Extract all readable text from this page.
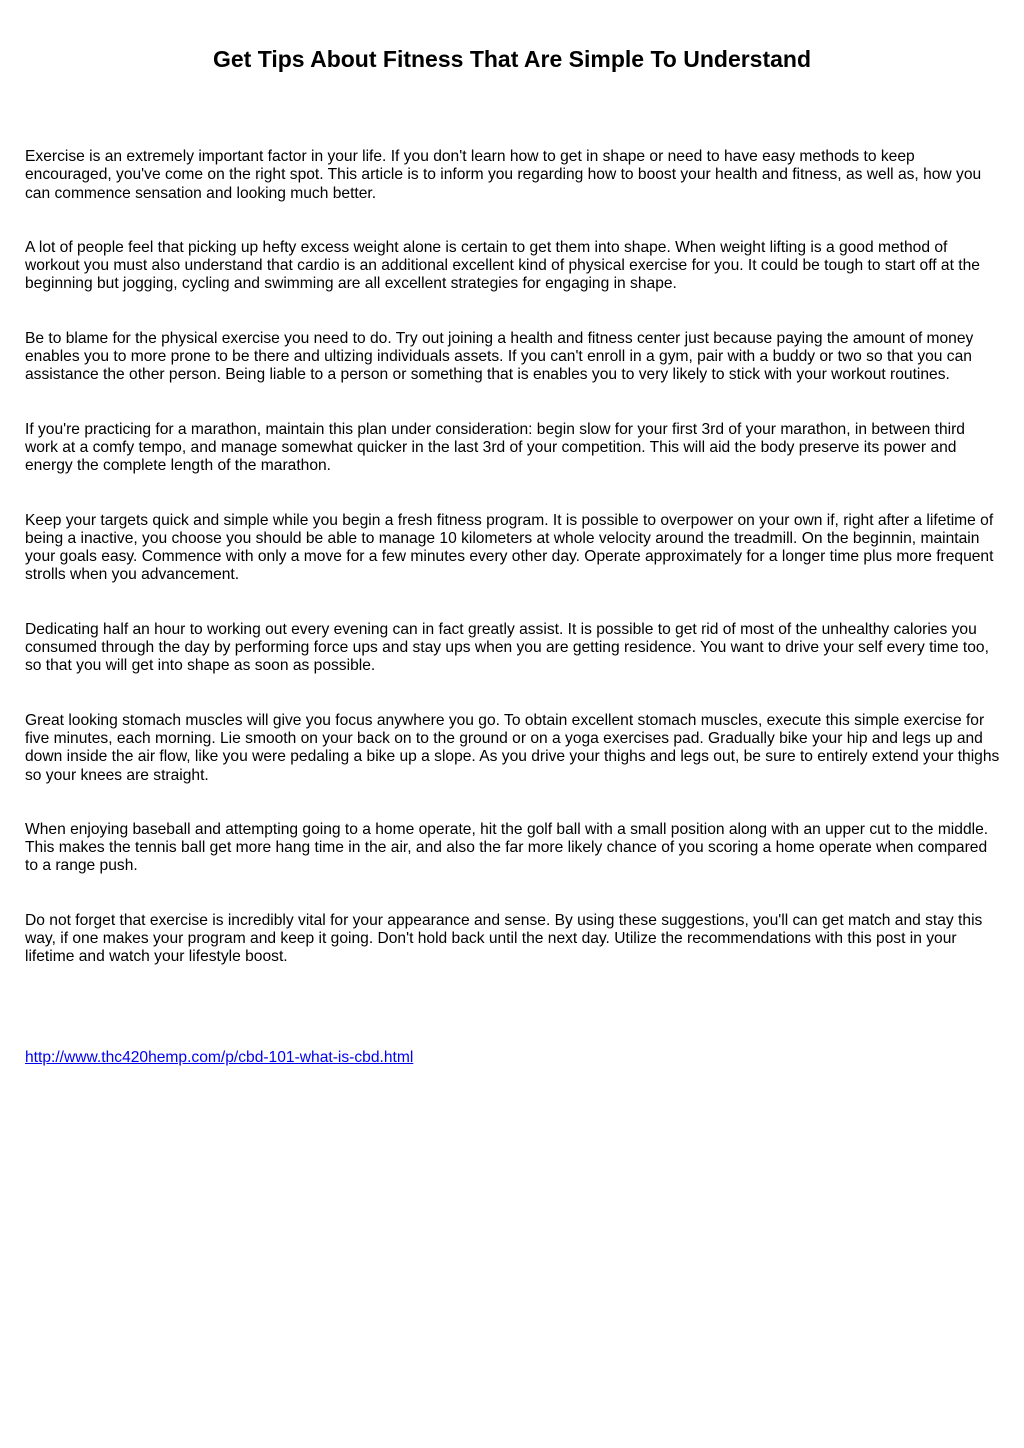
Get Tips About Fitness That Are Simple To Understand

Exercise is an extremely important factor in your life. If you don't learn how to get in shape or need to have easy methods to keep encouraged, you've come on the right spot. This article is to inform you regarding how to boost your health and fitness, as well as, how you can commence sensation and looking much better.

A lot of people feel that picking up hefty excess weight alone is certain to get them into shape. When weight lifting is a good method of workout you must also understand that cardio is an additional excellent kind of physical exercise for you. It could be tough to start off at the beginning but jogging, cycling and swimming are all excellent strategies for engaging in shape.

Be to blame for the physical exercise you need to do. Try out joining a health and fitness center just because paying the amount of money enables you to more prone to be there and ultizing individuals assets. If you can't enroll in a gym, pair with a buddy or two so that you can assistance the other person. Being liable to a person or something that is enables you to very likely to stick with your workout routines.

If you're practicing for a marathon, maintain this plan under consideration: begin slow for your first 3rd of your marathon, in between third work at a comfy tempo, and manage somewhat quicker in the last 3rd of your competition. This will aid the body preserve its power and energy the complete length of the marathon.

Keep your targets quick and simple while you begin a fresh fitness program. It is possible to overpower on your own if, right after a lifetime of being a inactive, you choose you should be able to manage 10 kilometers at whole velocity around the treadmill. On the beginnin, maintain your goals easy. Commence with only a move for a few minutes every other day. Operate approximately for a longer time plus more frequent strolls when you advancement.

Dedicating half an hour to working out every evening can in fact greatly assist. It is possible to get rid of most of the unhealthy calories you consumed through the day by performing force ups and stay ups when you are getting residence. You want to drive your self every time too, so that you will get into shape as soon as possible.

Great looking stomach muscles will give you focus anywhere you go. To obtain excellent stomach muscles, execute this simple exercise for five minutes, each morning. Lie smooth on your back on to the ground or on a yoga exercises pad. Gradually bike your hip and legs up and down inside the air flow, like you were pedaling a bike up a slope. As you drive your thighs and legs out, be sure to entirely extend your thighs so your knees are straight.

When enjoying baseball and attempting going to a home operate, hit the golf ball with a small position along with an upper cut to the middle. This makes the tennis ball get more hang time in the air, and also the far more likely chance of you scoring a home operate when compared to a range push.

Do not forget that exercise is incredibly vital for your appearance and sense. By using these suggestions, you'll can get match and stay this way, if one makes your program and keep it going. Don't hold back until the next day. Utilize the recommendations with this post in your lifetime and watch your lifestyle boost.

http://www.thc420hemp.com/p/cbd-101-what-is-cbd.html
